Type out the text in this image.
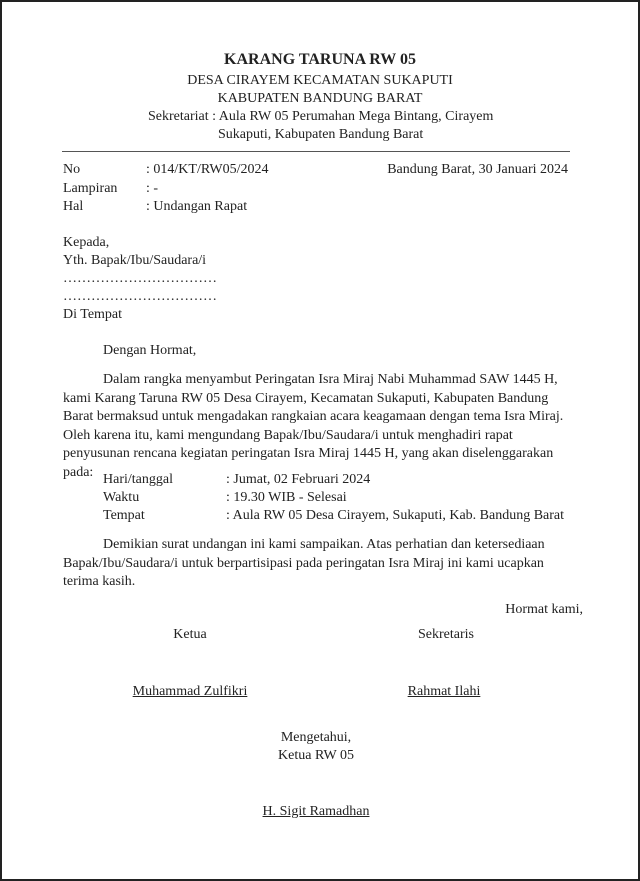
KARANG TARUNA RW 05
DESA CIRAYEM KECAMATAN SUKAPUTI
KABUPATEN BANDUNG BARAT
Sekretariat : Aula RW 05 Perumahan Mega Bintang, Cirayem
Sukaputi, Kabupaten Bandung Barat
No	: 014/KT/RW05/2024	Bandung Barat, 30 Januari 2024
Lampiran : -
Hal	: Undangan Rapat
Kepada,
Yth. Bapak/Ibu/Saudara/i
……………………………
……………………………
Di Tempat
Dengan Hormat,
Dalam rangka menyambut Peringatan Isra Miraj Nabi Muhammad SAW 1445 H, kami Karang Taruna RW 05 Desa Cirayem, Kecamatan Sukaputi, Kabupaten Bandung Barat bermaksud untuk mengadakan rangkaian acara keagamaan dengan tema Isra Miraj. Oleh karena itu, kami mengundang Bapak/Ibu/Saudara/i untuk menghadiri rapat penyusunan rencana kegiatan peringatan Isra Miraj 1445 H, yang akan diselenggarakan pada: Hari/tanggal	: Jumat, 02 Februari 2024
Waktu	: 19.30 WIB - Selesai
Tempat	: Aula RW 05 Desa Cirayem, Sukaputi, Kab. Bandung Barat
Demikian surat undangan ini kami sampaikan. Atas perhatian dan ketersediaan Bapak/Ibu/Saudara/i untuk berpartisipasi pada peringatan Isra Miraj ini kami ucapkan terima kasih.
Hormat kami,
Ketua	Sekretaris
Muhammad Zulfikri	Rahmat Ilahi
Mengetahui,
Ketua RW 05
H. Sigit Ramadhan
